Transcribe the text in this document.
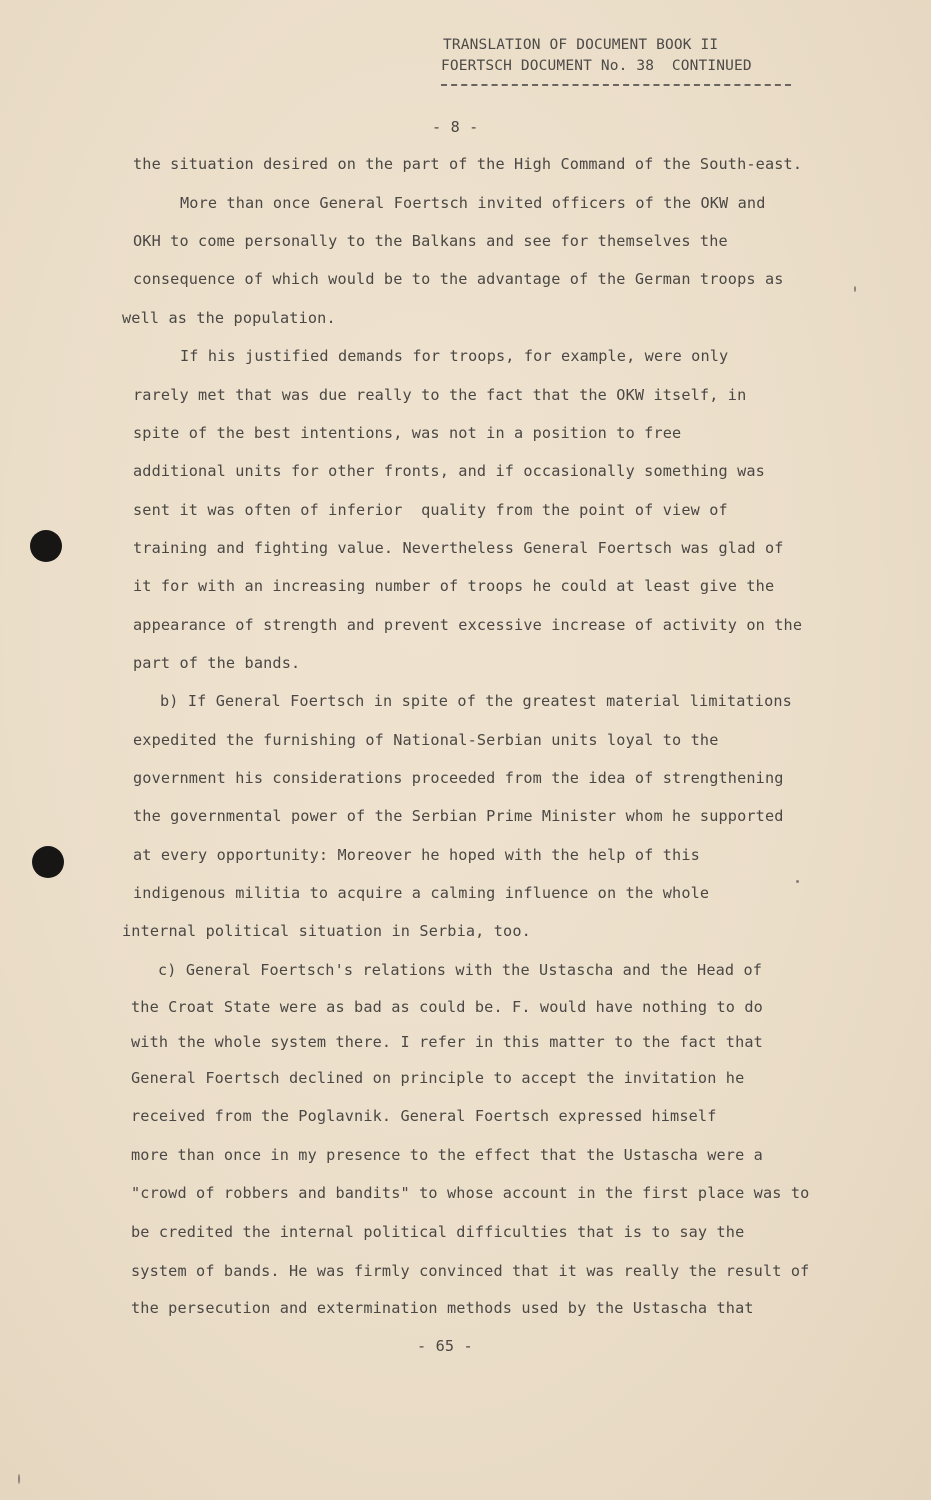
TRANSLATION OF DOCUMENT BOOK II
FOERTSCH DOCUMENT No. 38  CONTINUED
- 8 -
the situation desired on the part of the High Command of the South-east.
More than once General Foertsch invited officers of the OKW and
OKH to come personally to the Balkans and see for themselves the
consequence of which would be to the advantage of the German troops as
well as the population.
If his justified demands for troops, for example, were only
rarely met that was due really to the fact that the OKW itself, in
spite of the best intentions, was not in a position to free
additional units for other fronts, and if occasionally something was
sent it was often of inferior  quality from the point of view of
training and fighting value. Nevertheless General Foertsch was glad of
it for with an increasing number of troops he could at least give the
appearance of strength and prevent excessive increase of activity on the
part of the bands.
b) If General Foertsch in spite of the greatest material limitations
expedited the furnishing of National-Serbian units loyal to the
government his considerations proceeded from the idea of strengthening
the governmental power of the Serbian Prime Minister whom he supported
at every opportunity: Moreover he hoped with the help of this
indigenous militia to acquire a calming influence on the whole
internal political situation in Serbia, too.
c) General Foertsch's relations with the Ustascha and the Head of
the Croat State were as bad as could be. F. would have nothing to do
with the whole system there. I refer in this matter to the fact that
General Foertsch declined on principle to accept the invitation he
received from the Poglavnik. General Foertsch expressed himself
more than once in my presence to the effect that the Ustascha were a
"crowd of robbers and bandits" to whose account in the first place was to
be credited the internal political difficulties that is to say the
system of bands. He was firmly convinced that it was really the result of
the persecution and extermination methods used by the Ustascha that
- 65 -
